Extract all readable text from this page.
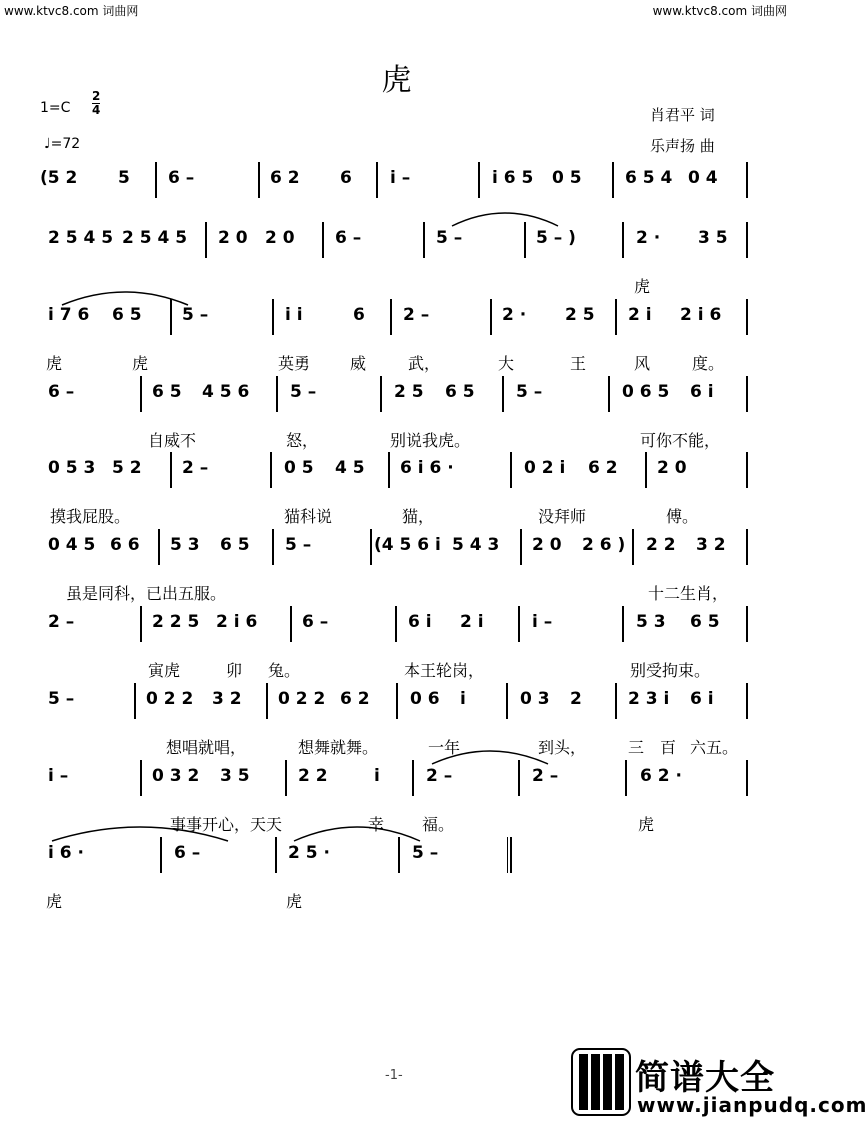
www.ktvc8.com 词曲网	www.ktvc8.com 词曲网
虎
1=C
2
4
♩=72
肖君平 词
乐声扬 曲
(5 2 5 6 –	6 2 6 i –	i 6 5 0 5	6 5 4 0 4
2 5 4 5 2 5 4 5 2 0 2 0 6 –	5 –	5 – )	2 · 3 5
虎
i 7 6 6 5 5 –	i i	6 2 –	2 · 2 5 2 i 2 i 6
虎	虎	英勇 威	武，	大	王	风	度。
6 –	6 5 4 5 6 5 –	2 5 6 5 5 –	0 6 5 6 i
自威不	怒，	别说我虎。	可你不能，
0 5 3 5 2 2 –	0 5 4 5 6 i 6 ·	0 2 i 6 2 2 0
摸我屁股。	猫科说	猫，	没拜师	傅。
0 4 5 6 6 5 3 6 5 5 –	(4 5 6 i 5 4 3 2 0 2 6 ) 2 2 3 2
虽是同科，已出五服。	十二生肖，
2 –	2 2 5 2 i 6	6 –	6 i 2 i	i –	5 3 6 5
寅虎	卯 兔。	本王轮岗，	别受拘束。
5 –	0 2 2 3 2 0 2 2 6 2 0 6 i	0 3 2	2 3 i 6 i
想唱就唱，	想舞就舞。	一年	到头，	三 百 六五。
i –	0 3 2 3 5	2 2	i	2 –	2 –	6 2 ·
事事开心，天天	幸 福。	虎
i 6 ·	6 –	2 5 ·	5 –
虎	虎
-1-	简谱大全
www.jianpudq.com
